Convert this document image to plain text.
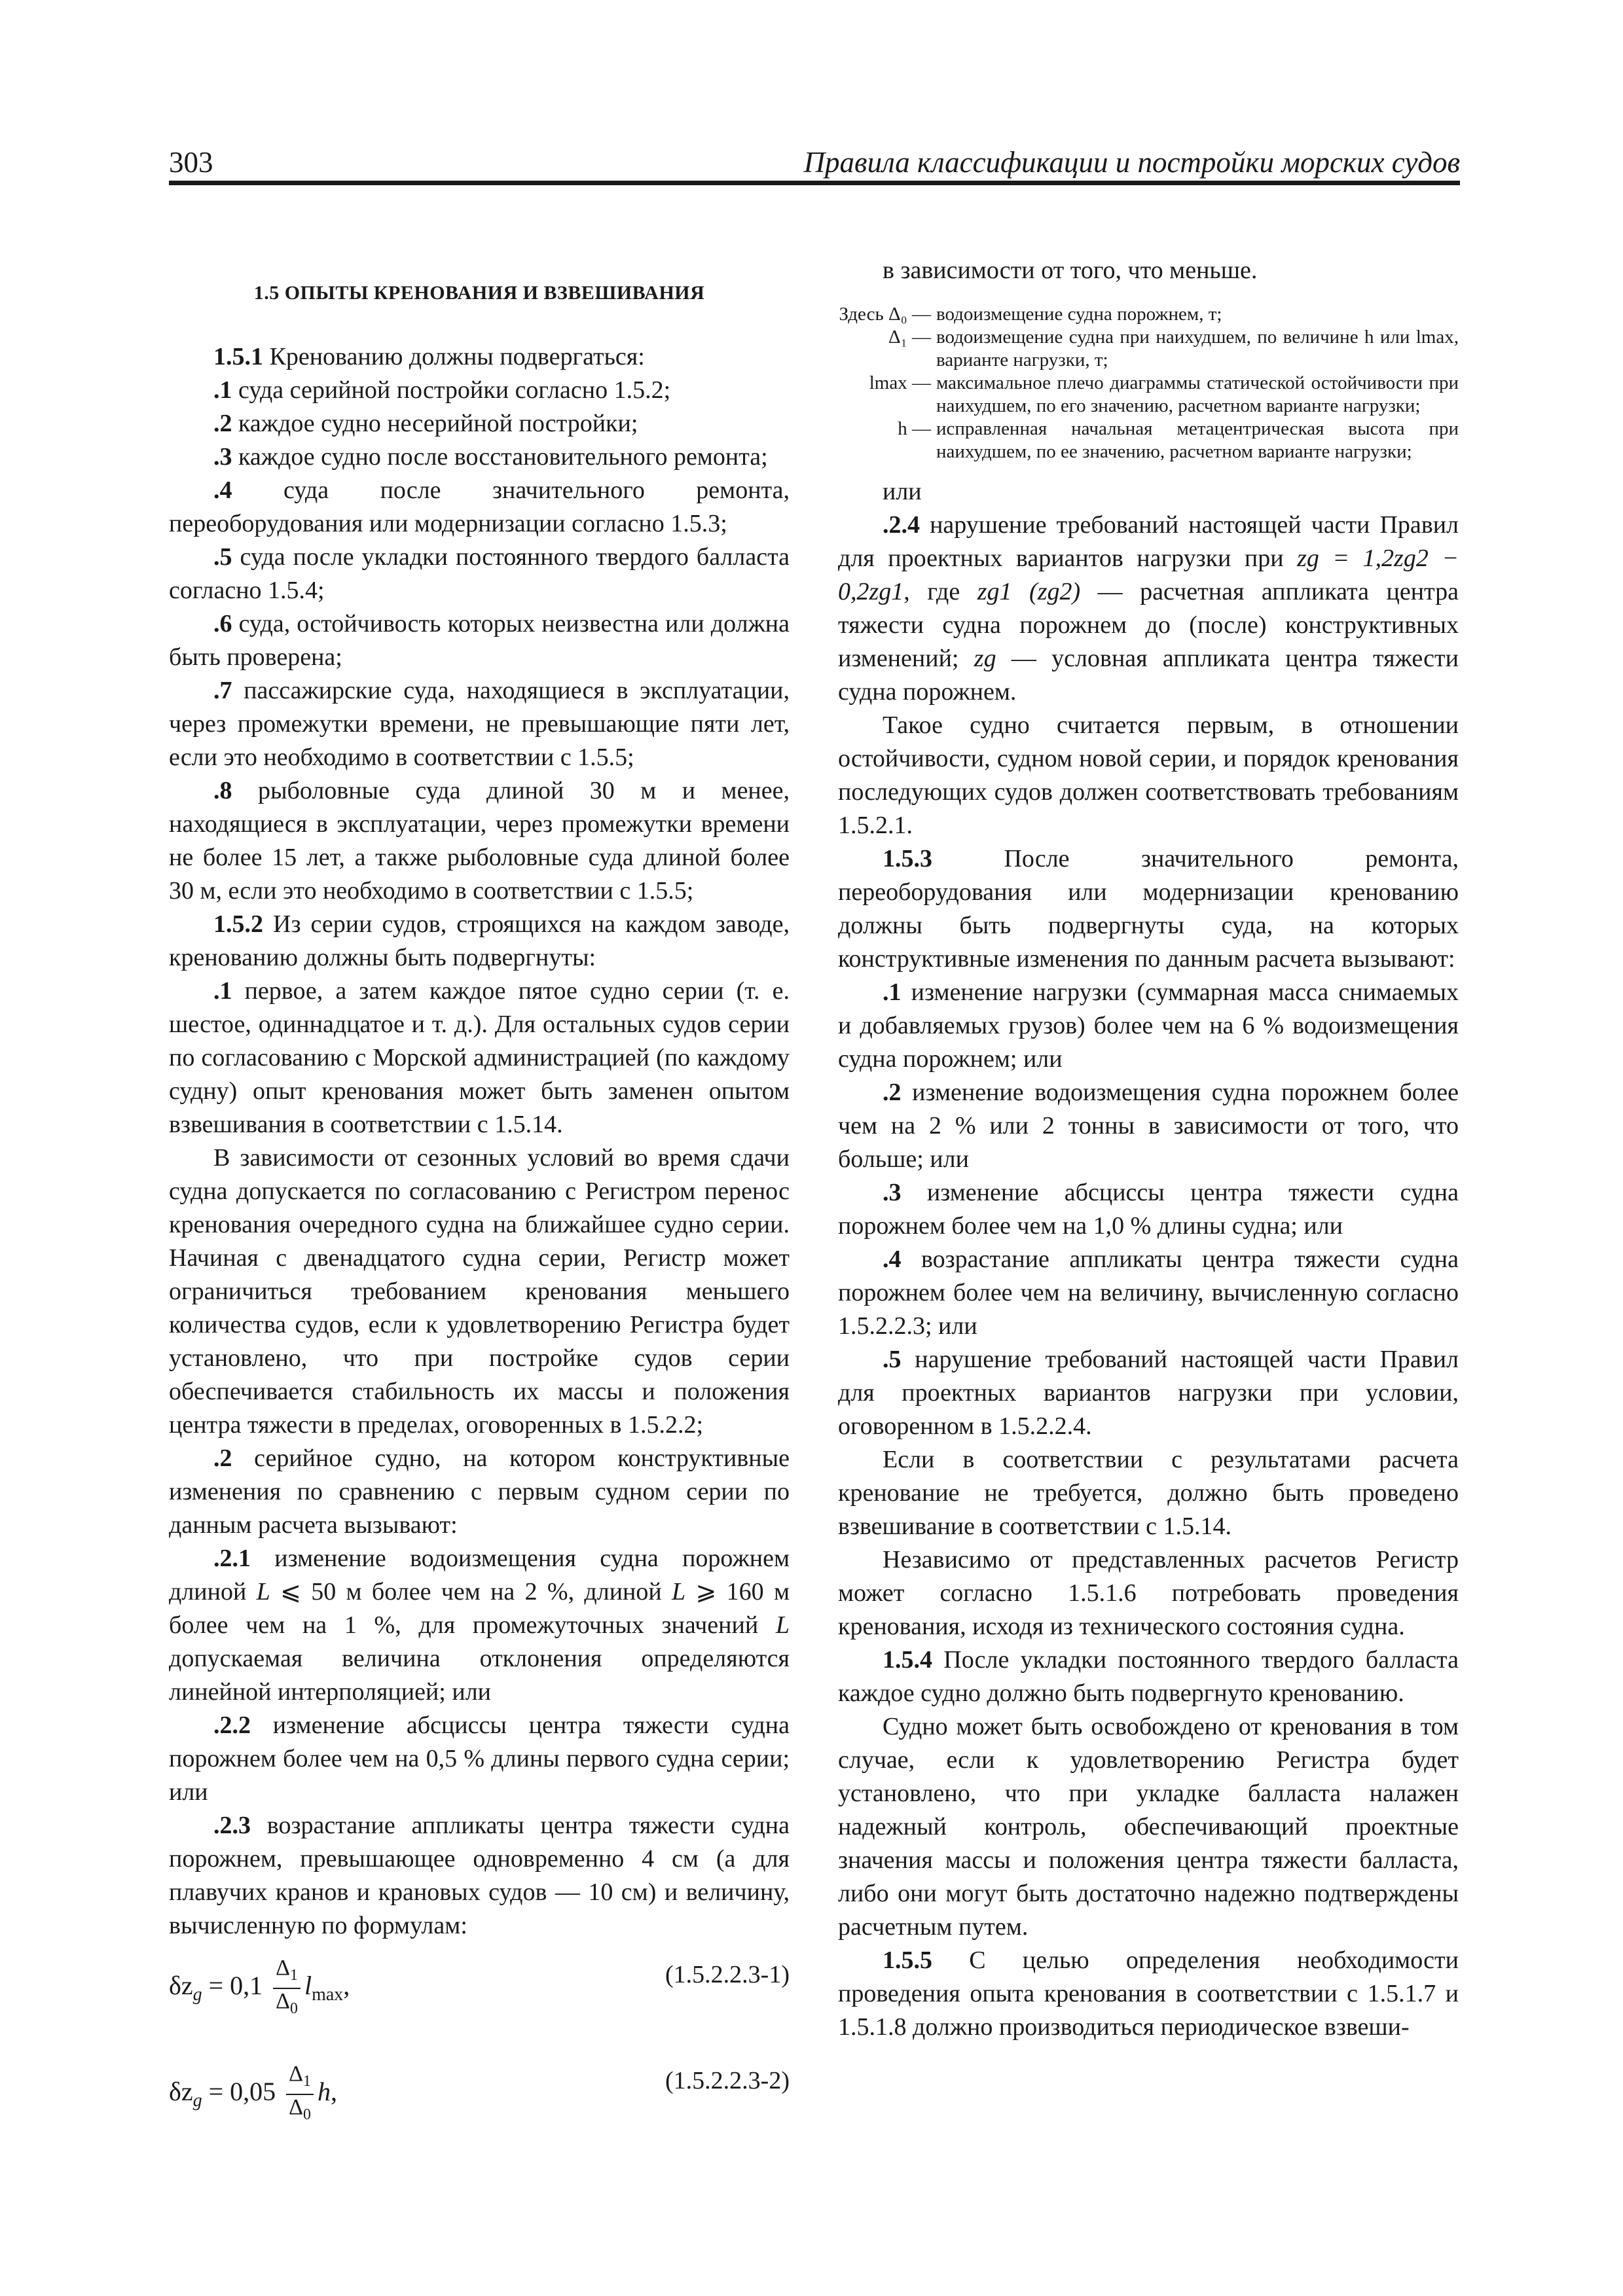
303	Правила классификации и постройки морских судов
1.5 ОПЫТЫ КРЕНОВАНИЯ И ВЗВЕШИВАНИЯ

1.5.1 Кренованию должны подвергаться:

.1 суда серийной постройки согласно 1.5.2;

.2 каждое судно несерийной постройки;

.3 каждое судно после восстановительного ремонта;

.4 суда после значительного ремонта, переоборудования или модернизации согласно 1.5.3;

.5 суда после укладки постоянного твердого балласта согласно 1.5.4;

.6 суда, остойчивость которых неизвестна или должна быть проверена;

.7 пассажирские суда, находящиеся в эксплуатации, через промежутки времени, не превышающие пяти лет, если это необходимо в соответствии с 1.5.5;

.8 рыболовные суда длиной 30 м и менее, находящиеся в эксплуатации, через промежутки времени не более 15 лет, а также рыболовные суда длиной более 30 м, если это необходимо в соответствии с 1.5.5;

1.5.2 Из серии судов, строящихся на каждом заводе, кренованию должны быть подвергнуты:

.1 первое, а затем каждое пятое судно серии (т. е. шестое, одиннадцатое и т. д.). Для остальных судов серии по согласованию с Морской администрацией (по каждому судну) опыт кренования может быть заменен опытом взвешивания в соответствии с 1.5.14.

В зависимости от сезонных условий во время сдачи судна допускается по согласованию с Регистром перенос кренования очередного судна на ближайшее судно серии. Начиная с двенадцатого судна серии, Регистр может ограничиться требованием кренования меньшего количества судов, если к удовлетворению Регистра будет установлено, что при постройке судов серии обеспечивается стабильность их массы и положения центра тяжести в пределах, оговоренных в 1.5.2.2;

.2 серийное судно, на котором конструктивные изменения по сравнению с первым судном серии по данным расчета вызывают:

.2.1 изменение водоизмещения судна порожнем длиной L ⩽ 50 м более чем на 2 %, длиной L ⩾ 160 м более чем на 1 %, для промежуточных значений L допускаемая величина отклонения определяются линейной интерполяцией; или

.2.2 изменение абсциссы центра тяжести судна порожнем более чем на 0,5 % длины первого судна серии; или

.2.3 возрастание аппликаты центра тяжести судна порожнем, превышающее одновременно 4 см (а для плавучих кранов и крановых судов — 10 см) и величину, вычисленную по формулам:

$\delta z_g = 0,1 \frac{\Delta_1}{\Delta_0} l_{max}$,	(1.5.2.2.3-1)
$\delta z_g = 0,05 \frac{\Delta_1}{\Delta_0} h$,	(1.5.2.2.3-2)

в зависимости от того, что меньше.

Здесь Δ₀ — водоизмещение судна порожнем, т;
Δ₁ — водоизмещение судна при наихудшем, по величине h или lmax, варианте нагрузки, т;
lmax — максимальное плечо диаграммы статической остойчивости при наихудшем, по его значению, расчетном варианте нагрузки;
h — исправленная начальная метацентрическая высота при наихудшем, по ее значению, расчетном варианте нагрузки;

или

.2.4 нарушение требований настоящей части Правил для проектных вариантов нагрузки при zg = 1,2zg2 − 0,2zg1, где zg1 (zg2) — расчетная аппликата центра тяжести судна порожнем до (после) конструктивных изменений; zg — условная аппликата центра тяжести судна порожнем.

Такое судно считается первым, в отношении остойчивости, судном новой серии, и порядок кренования последующих судов должен соответствовать требованиям 1.5.2.1.

1.5.3 После значительного ремонта, переоборудования или модернизации кренованию должны быть подвергнуты суда, на которых конструктивные изменения по данным расчета вызывают:

.1 изменение нагрузки (суммарная масса снимаемых и добавляемых грузов) более чем на 6 % водоизмещения судна порожнем; или

.2 изменение водоизмещения судна порожнем более чем на 2 % или 2 тонны в зависимости от того, что больше; или

.3 изменение абсциссы центра тяжести судна порожнем более чем на 1,0 % длины судна; или

.4 возрастание аппликаты центра тяжести судна порожнем более чем на величину, вычисленную согласно 1.5.2.2.3; или

.5 нарушение требований настоящей части Правил для проектных вариантов нагрузки при условии, оговоренном в 1.5.2.2.4.

Если в соответствии с результатами расчета кренование не требуется, должно быть проведено взвешивание в соответствии с 1.5.14.

Независимо от представленных расчетов Регистр может согласно 1.5.1.6 потребовать проведения кренования, исходя из технического состояния судна.

1.5.4 После укладки постоянного твердого балласта каждое судно должно быть подвергнуто кренованию.

Судно может быть освобождено от кренования в том случае, если к удовлетворению Регистра будет установлено, что при укладке балласта налажен надежный контроль, обеспечивающий проектные значения массы и положения центра тяжести балласта, либо они могут быть достаточно надежно подтверждены расчетным путем.

1.5.5 С целью определения необходимости проведения опыта кренования в соответствии с 1.5.1.7 и 1.5.1.8 должно производиться периодическое взвеши-
